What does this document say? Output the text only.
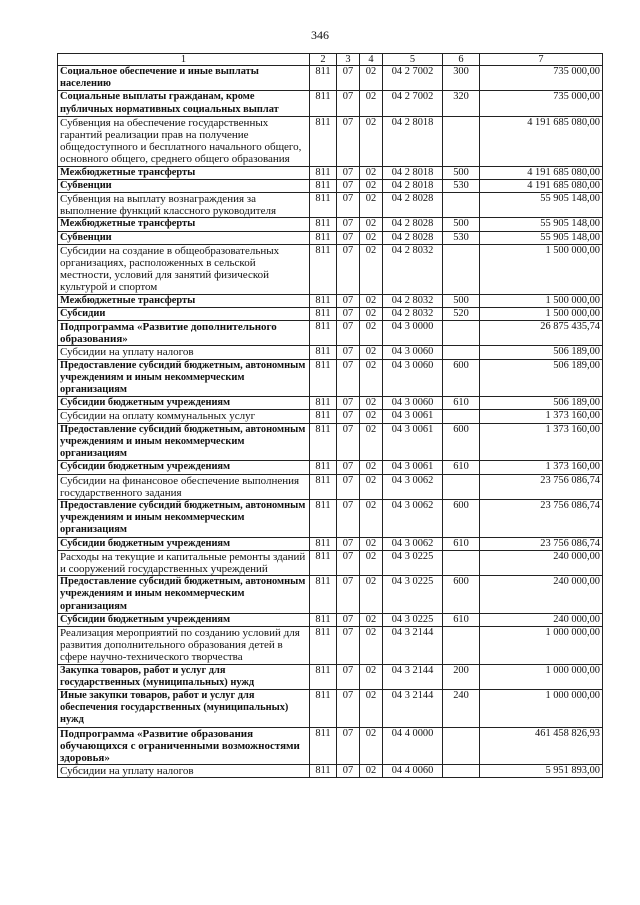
346
1	2	3	4	5	6	7
Социальное обеспечение и иные выплаты населению	811	07	02	04 2 7002	300	735 000,00
Социальные выплаты гражданам, кроме публичных нормативных социальных выплат	811	07	02	04 2 7002	320	735 000,00
Субвенция на обеспечение государственных гарантий реализации прав на получение общедоступного и бесплатного начального общего, основного общего, среднего общего образования	811	07	02	04 2 8018		4 191 685 080,00
Межбюджетные трансферты	811	07	02	04 2 8018	500	4 191 685 080,00
Субвенции	811	07	02	04 2 8018	530	4 191 685 080,00
Субвенция на выплату вознаграждения за выполнение функций классного руководителя	811	07	02	04 2 8028		55 905 148,00
Межбюджетные трансферты	811	07	02	04 2 8028	500	55 905 148,00
Субвенции	811	07	02	04 2 8028	530	55 905 148,00
Субсидии на создание в общеобразовательных организациях, расположенных в сельской местности, условий для занятий физической культурой и спортом	811	07	02	04 2 8032		1 500 000,00
Межбюджетные трансферты	811	07	02	04 2 8032	500	1 500 000,00
Субсидии	811	07	02	04 2 8032	520	1 500 000,00
Подпрограмма «Развитие дополнительного образования»	811	07	02	04 3 0000		26 875 435,74
Субсидии на уплату налогов	811	07	02	04 3 0060		506 189,00
Предоставление субсидий бюджетным, автономным учреждениям и иным некоммерческим организациям	811	07	02	04 3 0060	600	506 189,00
Субсидии бюджетным учреждениям	811	07	02	04 3 0060	610	506 189,00
Субсидии на оплату коммунальных услуг	811	07	02	04 3 0061		1 373 160,00
Предоставление субсидий бюджетным, автономным учреждениям и иным некоммерческим организациям	811	07	02	04 3 0061	600	1 373 160,00
Субсидии бюджетным учреждениям	811	07	02	04 3 0061	610	1 373 160,00
Субсидии на финансовое обеспечение выполнения государственного задания	811	07	02	04 3 0062		23 756 086,74
Предоставление субсидий бюджетным, автономным учреждениям и иным некоммерческим организациям	811	07	02	04 3 0062	600	23 756 086,74
Субсидии бюджетным учреждениям	811	07	02	04 3 0062	610	23 756 086,74
Расходы на текущие и капитальные ремонты зданий и сооружений государственных учреждений	811	07	02	04 3 0225		240 000,00
Предоставление субсидий бюджетным, автономным учреждениям и иным некоммерческим организациям	811	07	02	04 3 0225	600	240 000,00
Субсидии бюджетным учреждениям	811	07	02	04 3 0225	610	240 000,00
Реализация мероприятий по созданию условий для развития дополнительного образования детей в сфере научно-технического творчества	811	07	02	04 3 2144		1 000 000,00
Закупка товаров, работ и услуг для государственных (муниципальных) нужд	811	07	02	04 3 2144	200	1 000 000,00
Иные закупки товаров, работ и услуг для обеспечения государственных (муниципальных) нужд	811	07	02	04 3 2144	240	1 000 000,00
Подпрограмма «Развитие образования обучающихся с ограниченными возможностями здоровья»	811	07	02	04 4 0000		461 458 826,93
Субсидии на уплату налогов	811	07	02	04 4 0060		5 951 893,00
